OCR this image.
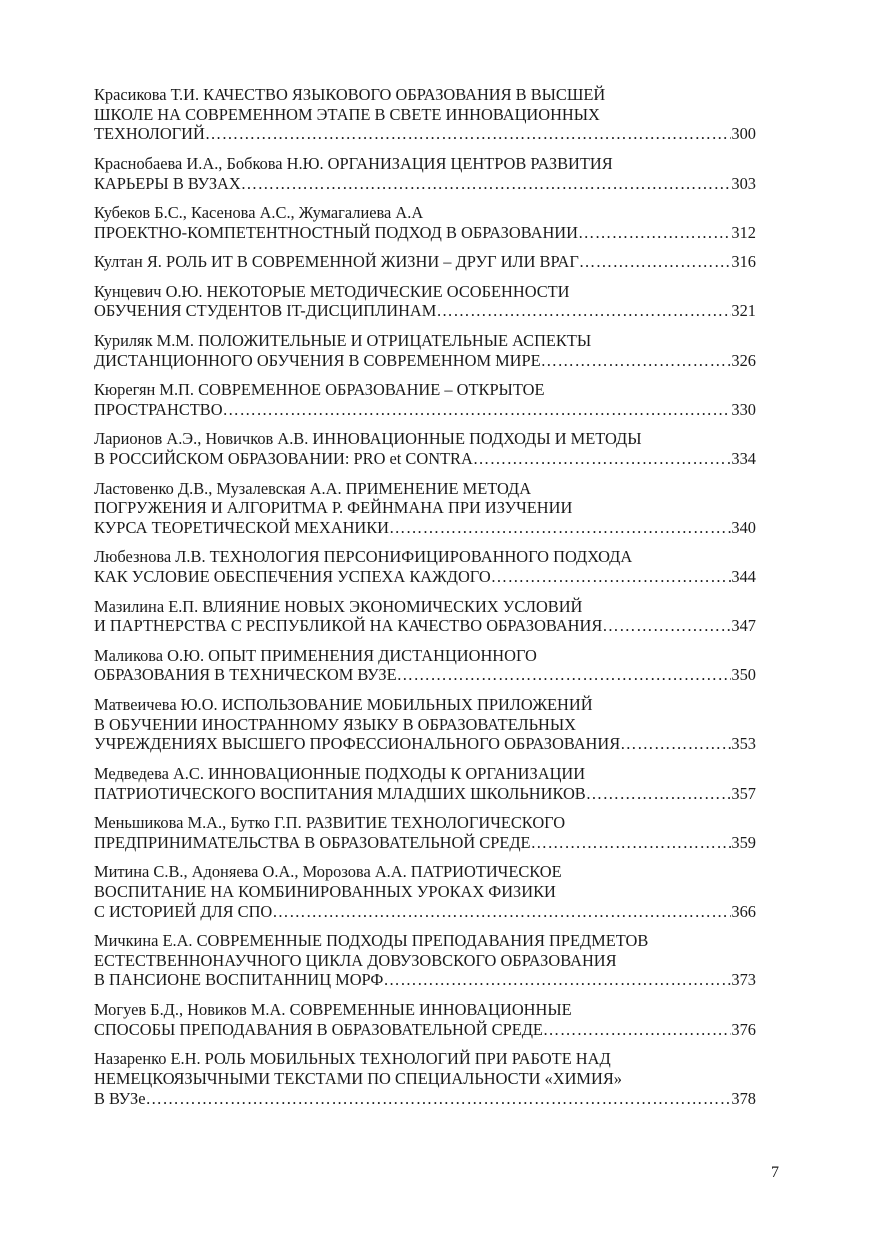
Красикова Т.И. КАЧЕСТВО ЯЗЫКОВОГО ОБРАЗОВАНИЯ В ВЫСШЕЙ
ШКОЛЕ НА СОВРЕМЕННОМ ЭТАПЕ В СВЕТЕ ИННОВАЦИОННЫХ
ТЕХНОЛОГИЙ ………………………………………………………………………………………………………………………………………………………………………………………………	300
Краснобаева И.А., Бобкова Н.Ю. ОРГАНИЗАЦИЯ ЦЕНТРОВ РАЗВИТИЯ
КАРЬЕРЫ В ВУЗАХ ………………………………………………………………………………………………………………………………………………………………………………………………	303
Кубеков Б.С., Касенова А.С., Жумагалиева А.А
ПРОЕКТНО-КОМПЕТЕНТНОСТНЫЙ ПОДХОД В ОБРАЗОВАНИИ ………………………………………………………………………………………………………………………………………………………………………………………………	312
Култан Я. РОЛЬ ИТ В СОВРЕМЕННОЙ ЖИЗНИ – ДРУГ ИЛИ ВРАГ ………………………………………………………………………………………………………………………………………………………………………………………………	316
Кунцевич О.Ю. НЕКОТОРЫЕ МЕТОДИЧЕСКИЕ ОСОБЕННОСТИ
ОБУЧЕНИЯ СТУДЕНТОВ IT-ДИСЦИПЛИНАМ ………………………………………………………………………………………………………………………………………………………………………………………………	321
Куриляк М.М. ПОЛОЖИТЕЛЬНЫЕ И ОТРИЦАТЕЛЬНЫЕ АСПЕКТЫ
ДИСТАНЦИОННОГО ОБУЧЕНИЯ В СОВРЕМЕННОМ МИРЕ ………………………………………………………………………………………………………………………………………………………………………………………………	326
Кюрегян М.П. СОВРЕМЕННОЕ ОБРАЗОВАНИЕ – ОТКРЫТОЕ
ПРОСТРАНСТВО ………………………………………………………………………………………………………………………………………………………………………………………………	330
Ларионов А.Э., Новичков А.В. ИННОВАЦИОННЫЕ ПОДХОДЫ И МЕТОДЫ
В РОССИЙСКОМ ОБРАЗОВАНИИ: PRO et CONTRA ………………………………………………………………………………………………………………………………………………………………………………………………	334
Ластовенко Д.В., Музалевская А.А. ПРИМЕНЕНИЕ МЕТОДА
ПОГРУЖЕНИЯ И АЛГОРИТМА Р. ФЕЙНМАНА ПРИ ИЗУЧЕНИИ
КУРСА ТЕОРЕТИЧЕСКОЙ МЕХАНИКИ ………………………………………………………………………………………………………………………………………………………………………………………………	340
Любезнова Л.В. ТЕХНОЛОГИЯ ПЕРСОНИФИЦИРОВАННОГО ПОДХОДА
КАК УСЛОВИЕ ОБЕСПЕЧЕНИЯ УСПЕХА КАЖДОГО ………………………………………………………………………………………………………………………………………………………………………………………………	344
Мазилина Е.П. ВЛИЯНИЕ НОВЫХ ЭКОНОМИЧЕСКИХ УСЛОВИЙ
И ПАРТНЕРСТВА С РЕСПУБЛИКОЙ НА КАЧЕСТВО ОБРАЗОВАНИЯ ………………………………………………………………………………………………………………………………………………………………………………………………	347
Маликова О.Ю. ОПЫТ ПРИМЕНЕНИЯ ДИСТАНЦИОННОГО
ОБРАЗОВАНИЯ В ТЕХНИЧЕСКОМ ВУЗЕ ………………………………………………………………………………………………………………………………………………………………………………………………	350
Матвеичева Ю.О. ИСПОЛЬЗОВАНИЕ МОБИЛЬНЫХ ПРИЛОЖЕНИЙ
В ОБУЧЕНИИ ИНОСТРАННОМУ ЯЗЫКУ В ОБРАЗОВАТЕЛЬНЫХ
УЧРЕЖДЕНИЯХ ВЫСШЕГО ПРОФЕССИОНАЛЬНОГО ОБРАЗОВАНИЯ ………………………………………………………………………………………………………………………………………………………………………………………………	353
Медведева А.С. ИННОВАЦИОННЫЕ ПОДХОДЫ К ОРГАНИЗАЦИИ
ПАТРИОТИЧЕСКОГО ВОСПИТАНИЯ МЛАДШИХ ШКОЛЬНИКОВ ………………………………………………………………………………………………………………………………………………………………………………………………	357
Меньшикова М.А., Бутко Г.П. РАЗВИТИЕ ТЕХНОЛОГИЧЕСКОГО
ПРЕДПРИНИМАТЕЛЬСТВА В ОБРАЗОВАТЕЛЬНОЙ СРЕДЕ ………………………………………………………………………………………………………………………………………………………………………………………………	359
Митина С.В., Адоняева О.А., Морозова А.А. ПАТРИОТИЧЕСКОЕ
ВОСПИТАНИЕ НА КОМБИНИРОВАННЫХ УРОКАХ ФИЗИКИ
С ИСТОРИЕЙ ДЛЯ СПО ………………………………………………………………………………………………………………………………………………………………………………………………	366
Мичкина Е.А. СОВРЕМЕННЫЕ ПОДХОДЫ ПРЕПОДАВАНИЯ ПРЕДМЕТОВ
ЕСТЕСТВЕННОНАУЧНОГО ЦИКЛА ДОВУЗОВСКОГО ОБРАЗОВАНИЯ
В ПАНСИОНЕ ВОСПИТАННИЦ МОРФ ………………………………………………………………………………………………………………………………………………………………………………………………	373
Могуев Б.Д., Новиков М.А. СОВРЕМЕННЫЕ ИННОВАЦИОННЫЕ
СПОСОБЫ ПРЕПОДАВАНИЯ В ОБРАЗОВАТЕЛЬНОЙ СРЕДЕ ………………………………………………………………………………………………………………………………………………………………………………………………	376
Назаренко Е.Н. РОЛЬ МОБИЛЬНЫХ ТЕХНОЛОГИЙ ПРИ РАБОТЕ НАД
НЕМЕЦКОЯЗЫЧНЫМИ ТЕКСТАМИ ПО СПЕЦИАЛЬНОСТИ «ХИМИЯ»
В ВУЗе ………………………………………………………………………………………………………………………………………………………………………………………………	378
7
